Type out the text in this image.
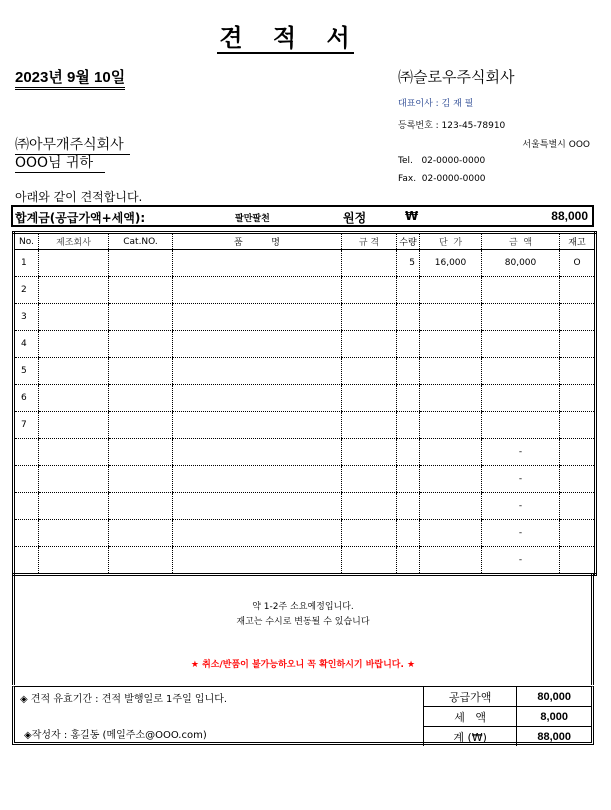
견 적 서
2023년 9월 10일	㈜슬로우주식회사
대표이사 : 김 재 필
등록번호 : 123-45-78910
서울특별시 OOO
Tel.   02-0000-0000
Fax.  02-0000-0000
㈜아무개주식회사
OOO님 귀하
아래와 같이 견적합니다.
합계금(공급가액+세액):	팔만팔천	원정	₩	88,000
No.	제조회사	Cat.NO.	품          명	규 격	수량	단  가	금  액	재고
1					5	16,000	80,000	O
2								
3								
4								
5								
6								
7								
							-	
							-	
							-	
							-	
							-	
약 1-2주 소요예정입니다.
재고는 수시로 변동될 수 있습니다
★ 취소/반품이 불가능하오니 꼭 확인하시기 바랍니다. ★
◈ 견적 유효기간 : 견적 발행일로 1주일 입니다.
◈작성자 : 홍길동 (메일주소@OOO.com)
공급가액	80,000
세   액	8,000
계 (₩)	88,000
